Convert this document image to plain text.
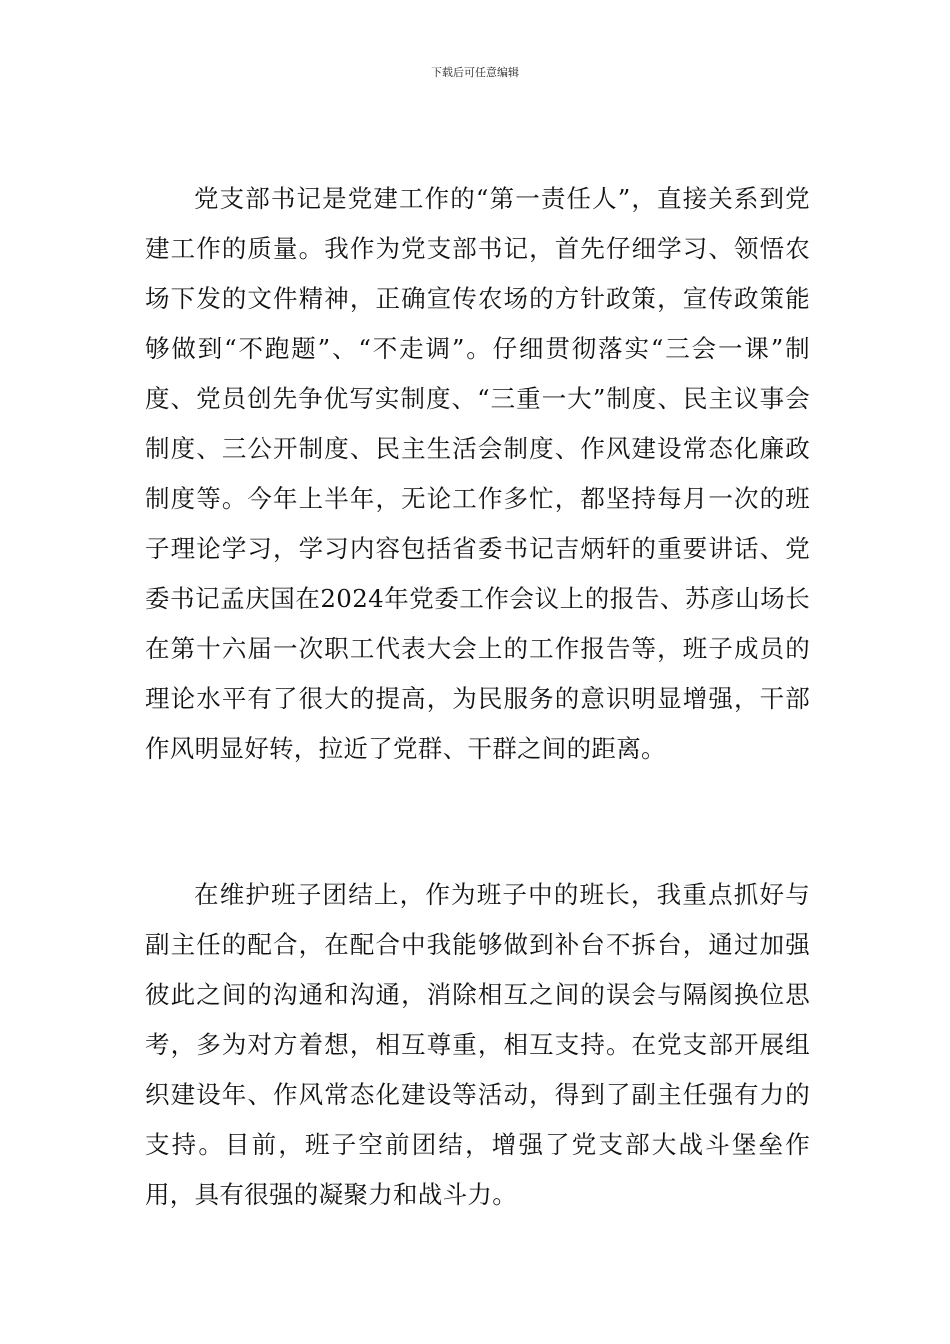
下载后可任意编辑

党支部书记是党建工作的“第一责任人”，直接关系到党建工作的质量。我作为党支部书记，首先仔细学习、领悟农场下发的文件精神，正确宣传农场的方针政策，宣传政策能够做到“不跑题”、“不走调”。仔细贯彻落实“三会一课”制度、党员创先争优写实制度、“三重一大”制度、民主议事会制度、三公开制度、民主生活会制度、作风建设常态化廉政制度等。今年上半年，无论工作多忙，都坚持每月一次的班子理论学习，学习内容包括省委书记吉炳轩的重要讲话、党委书记孟庆国在2024年党委工作会议上的报告、苏彦山场长在第十六届一次职工代表大会上的工作报告等，班子成员的理论水平有了很大的提高，为民服务的意识明显增强，干部作风明显好转，拉近了党群、干群之间的距离。

在维护班子团结上，作为班子中的班长，我重点抓好与副主任的配合，在配合中我能够做到补台不拆台，通过加强彼此之间的沟通和沟通，消除相互之间的误会与隔阂换位思考，多为对方着想，相互尊重，相互支持。在党支部开展组织建设年、作风常态化建设等活动，得到了副主任强有力的支持。目前，班子空前团结，增强了党支部大战斗堡垒作用，具有很强的凝聚力和战斗力。
